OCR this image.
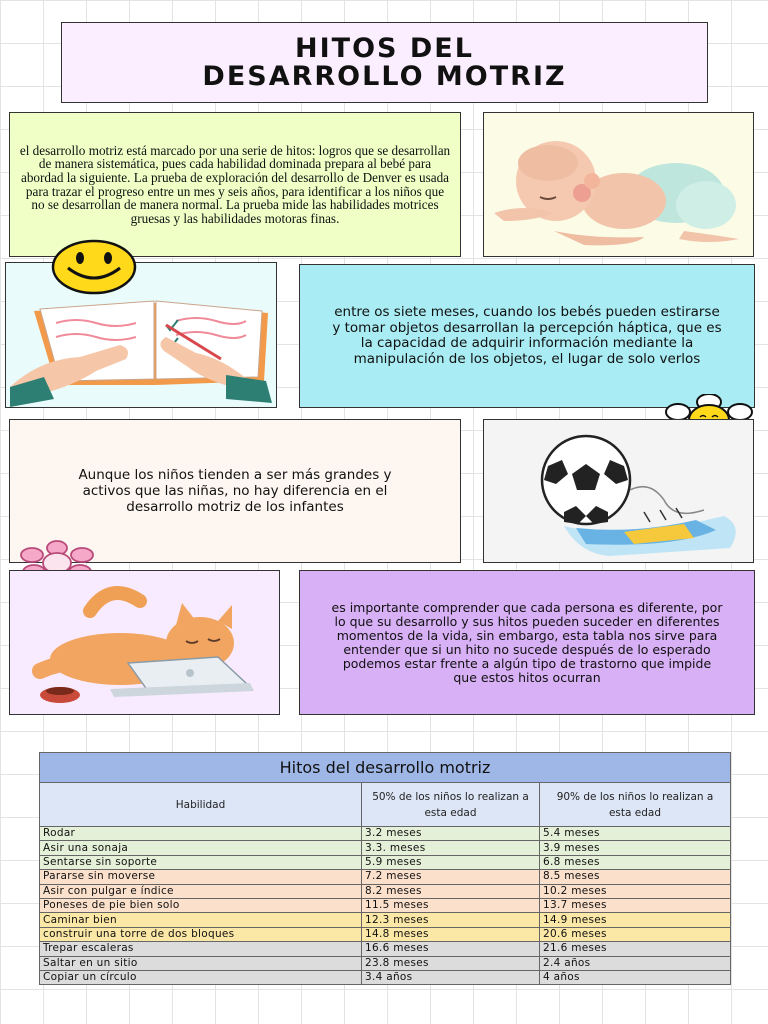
HITOS DEL
DESARROLLO MOTRIZ

el desarrollo motriz está marcado por una serie de hitos: logros que se desarrollan de manera sistemática, pues cada habilidad dominada prepara al bebé para abordad la siguiente. La prueba de exploración del desarrollo de Denver es usada para trazar el progreso entre un mes y seis años, para identificar a los niños que no se desarrollan de manera normal. La prueba mide las habilidades motrices gruesas y las habilidades motoras finas.

entre os siete meses, cuando los bebés pueden estirarse y tomar objetos desarrollan la percepción háptica, que es la capacidad de adquirir información mediante la manipulación de los objetos, el lugar de solo verlos

Aunque los niños tienden a ser más grandes y activos que las niñas, no hay diferencia en el desarrollo motriz de los infantes

es importante comprender que cada persona es diferente, por lo que su desarrollo y sus hitos pueden suceder en diferentes momentos de la vida, sin embargo, esta tabla nos sirve para entender que si un hito no sucede después de lo esperado podemos estar frente a algún tipo de trastorno que impide que estos hitos ocurran

Hitos del desarrollo motriz		
Habilidad	50% de los niños lo realizan a esta edad	90% de los niños lo realizan a esta edad
Rodar	3.2 meses	5.4 meses
Asir una sonaja	3.3. meses	3.9 meses
Sentarse sin soporte	5.9 meses	6.8 meses
Pararse sin moverse	7.2 meses	8.5 meses
Asir con pulgar e índice	8.2 meses	10.2 meses
Poneses de pie bien solo	11.5 meses	13.7 meses
Caminar bien	12.3 meses	14.9 meses
construir una torre de dos bloques	14.8 meses	20.6 meses
Trepar escaleras	16.6 meses	21.6 meses
Saltar en un sitio	23.8 meses	2.4 años
Copiar un círculo	3.4 años	4 años
